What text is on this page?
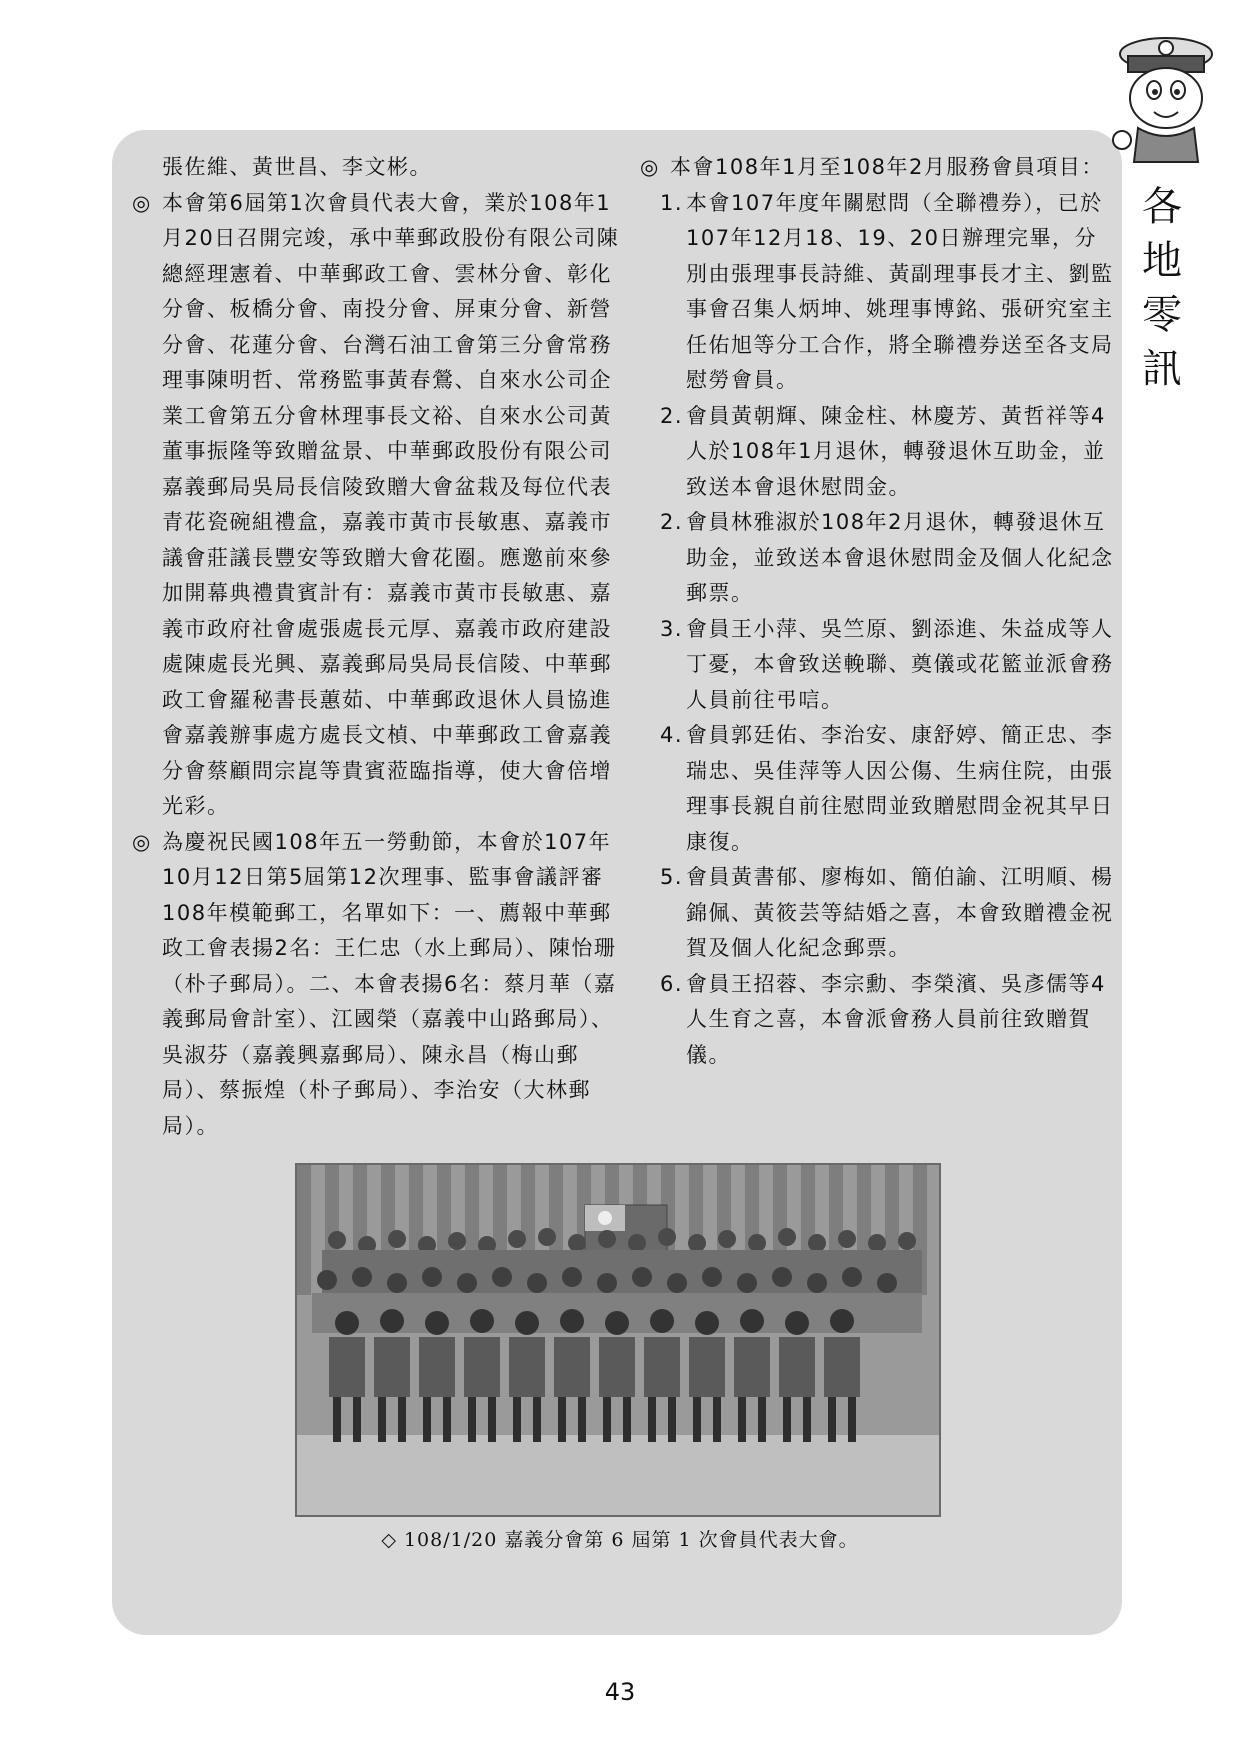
各
地
零
訊

張佐維、黃世昌、李文彬。

◎ 本會第6屆第1次會員代表大會，業於108年1月20日召開完竣，承中華郵政股份有限公司陳總經理憲着、中華郵政工會、雲林分會、彰化分會、板橋分會、南投分會、屏東分會、新營分會、花蓮分會、台灣石油工會第三分會常務理事陳明哲、常務監事黃春鶯、自來水公司企業工會第五分會林理事長文裕、自來水公司黃董事振隆等致贈盆景、中華郵政股份有限公司嘉義郵局吳局長信陵致贈大會盆栽及每位代表青花瓷碗組禮盒，嘉義市黃市長敏惠、嘉義市議會莊議長豐安等致贈大會花圈。應邀前來參加開幕典禮貴賓計有：嘉義市黃市長敏惠、嘉義市政府社會處張處長元厚、嘉義市政府建設處陳處長光興、嘉義郵局吳局長信陵、中華郵政工會羅秘書長蕙茹、中華郵政退休人員協進會嘉義辦事處方處長文楨、中華郵政工會嘉義分會蔡顧問宗崑等貴賓蒞臨指導，使大會倍增光彩。

◎ 為慶祝民國108年五一勞動節，本會於107年10月12日第5屆第12次理事、監事會議評審108年模範郵工，名單如下：一、薦報中華郵政工會表揚2名：王仁忠（水上郵局）、陳怡珊（朴子郵局）。二、本會表揚6名：蔡月華（嘉義郵局會計室）、江國榮（嘉義中山路郵局）、吳淑芬（嘉義興嘉郵局）、陳永昌（梅山郵局）、蔡振煌（朴子郵局）、李治安（大林郵局）。

◎ 本會108年1月至108年2月服務會員項目：

1. 本會107年度年關慰問（全聯禮券），已於107年12月18、19、20日辦理完畢，分別由張理事長詩維、黃副理事長才主、劉監事會召集人炳坤、姚理事博銘、張研究室主任佑旭等分工合作，將全聯禮券送至各支局慰勞會員。

2. 會員黃朝輝、陳金柱、林慶芳、黃哲祥等4人於108年1月退休，轉發退休互助金，並致送本會退休慰問金。

2. 會員林雅淑於108年2月退休，轉發退休互助金，並致送本會退休慰問金及個人化紀念郵票。

3. 會員王小萍、吳竺原、劉添進、朱益成等人丁憂，本會致送輓聯、奠儀或花籃並派會務人員前往弔唁。

4. 會員郭廷佑、李治安、康舒婷、簡正忠、李瑞忠、吳佳萍等人因公傷、生病住院，由張理事長親自前往慰問並致贈慰問金祝其早日康復。

5. 會員黃書郁、廖梅如、簡伯諭、江明順、楊錦佩、黃筱芸等結婚之喜，本會致贈禮金祝賀及個人化紀念郵票。

6. 會員王招蓉、李宗勳、李榮濱、吳彥儒等4人生育之喜，本會派會務人員前往致贈賀儀。

◇ 108/1/20 嘉義分會第 6 屆第 1 次會員代表大會。
43
